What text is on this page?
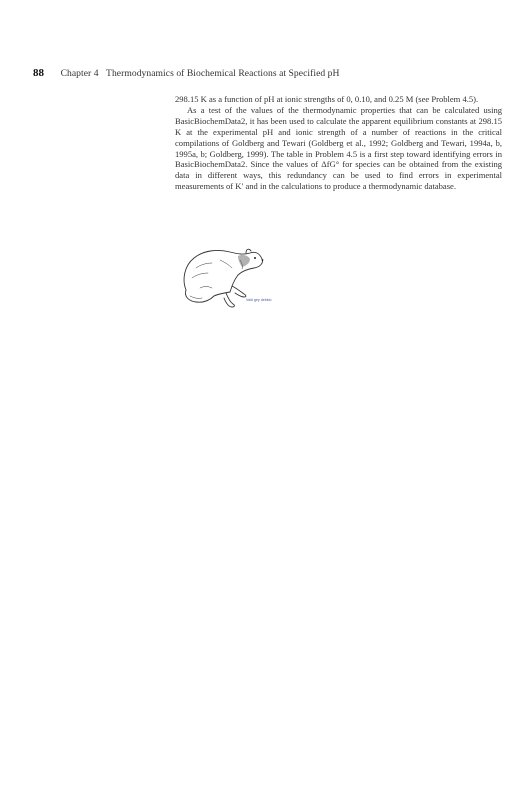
88 Chapter 4 Thermodynamics of Biochemical Reactions at Specified pH

298.15 K as a function of pH at ionic strengths of 0, 0.10, and 0.25 M (see Problem 4.5).

As a test of the values of the thermodynamic properties that can be calculated using BasicBiochemData2, it has been used to calculate the apparent equilibrium constants at 298.15 K at the experimental pH and ionic strength of a number of reactions in the critical compilations of Goldberg and Tewari (Goldberg et al., 1992; Goldberg and Tewari, 1994a, b, 1995a, b; Goldberg, 1999). The table in Problem 4.5 is a first step toward identifying errors in BasicBiochemData2. Since the values of ΔfG° for species can be obtained from the existing data in different ways, this redundancy can be used to find errors in experimental measurements of K′ and in the calculations to produce a thermodynamic database.

Vald gey debido
